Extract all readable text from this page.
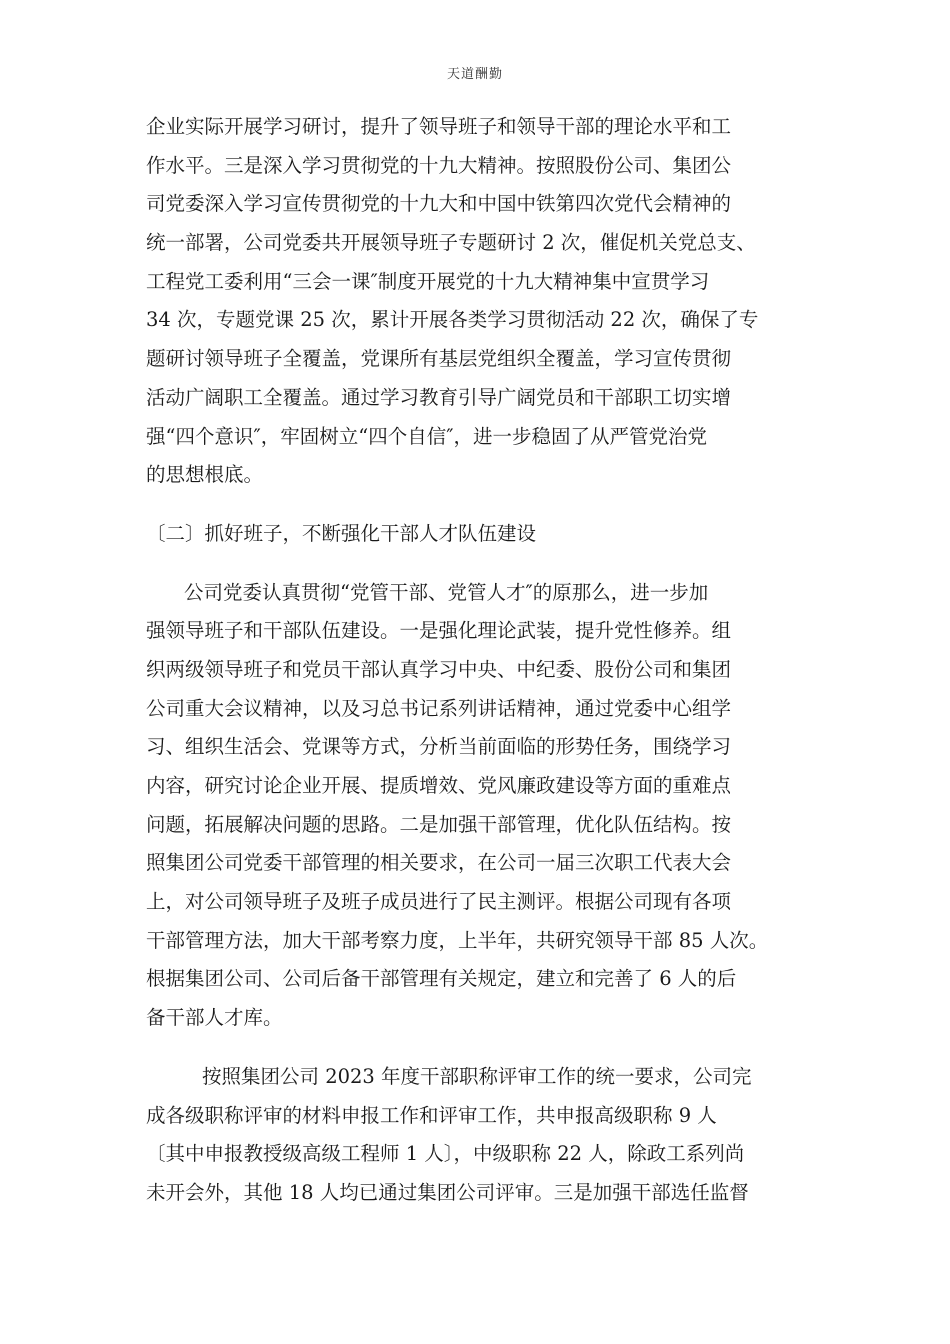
天道酬勤
企业实际开展学习研讨，提升了领导班子和领导干部的理论水平和工
作水平。三是深入学习贯彻党的十九大精神。按照股份公司、集团公
司党委深入学习宣传贯彻党的十九大和中国中铁第四次党代会精神的
统一部署，公司党委共开展领导班子专题研讨 2 次，催促机关党总支、
工程党工委利用“三会一课″制度开展党的十九大精神集中宣贯学习
34 次，专题党课 25 次，累计开展各类学习贯彻活动 22 次，确保了专
题研讨领导班子全覆盖，党课所有基层党组织全覆盖，学习宣传贯彻
活动广阔职工全覆盖。通过学习教育引导广阔党员和干部职工切实增
强“四个意识″，牢固树立“四个自信″，进一步稳固了从严管党治党
的思想根底。
〔二〕抓好班子，不断强化干部人才队伍建设
公司党委认真贯彻“党管干部、党管人才″的原那么，进一步加
强领导班子和干部队伍建设。一是强化理论武装，提升党性修养。组
织两级领导班子和党员干部认真学习中央、中纪委、股份公司和集团
公司重大会议精神，以及习总书记系列讲话精神，通过党委中心组学
习、组织生活会、党课等方式，分析当前面临的形势任务，围绕学习
内容，研究讨论企业开展、提质增效、党风廉政建设等方面的重难点
问题，拓展解决问题的思路。二是加强干部管理，优化队伍结构。按
照集团公司党委干部管理的相关要求，在公司一届三次职工代表大会
上，对公司领导班子及班子成员进行了民主测评。根据公司现有各项
干部管理方法，加大干部考察力度，上半年，共研究领导干部 85 人次。
根据集团公司、公司后备干部管理有关规定，建立和完善了 6 人的后
备干部人才库。
按照集团公司 2023 年度干部职称评审工作的统一要求，公司完
成各级职称评审的材料申报工作和评审工作，共申报高级职称 9 人
〔其中申报教授级高级工程师 1 人〕，中级职称 22 人，除政工系列尚
未开会外，其他 18 人均已通过集团公司评审。三是加强干部选任监督
